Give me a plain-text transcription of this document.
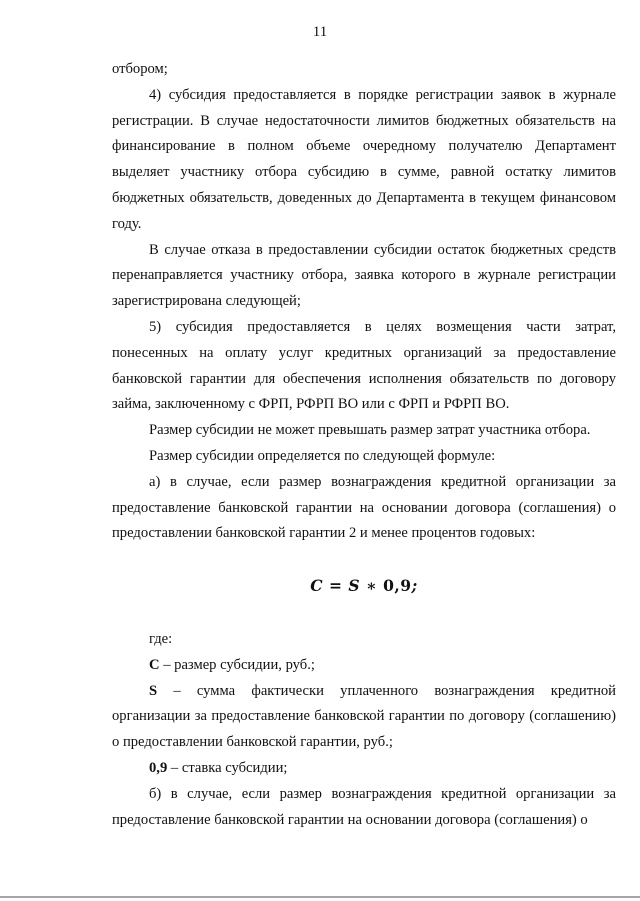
11

отбором;

4) субсидия предоставляется в порядке регистрации заявок в журнале регистрации. В случае недостаточности лимитов бюджетных обязательств на финансирование в полном объеме очередному получателю Департамент выделяет участнику отбора субсидию в сумме, равной остатку лимитов бюджетных обязательств, доведенных до Департамента в текущем финансовом году.

В случае отказа в предоставлении субсидии остаток бюджетных средств перенаправляется участнику отбора, заявка которого в журнале регистрации зарегистрирована следующей;

5) субсидия предоставляется в целях возмещения части затрат, понесенных на оплату услуг кредитных организаций за предоставление банковской гарантии для обеспечения исполнения обязательств по договору займа, заключенному с ФРП, РФРП ВО или с ФРП и РФРП ВО.

Размер субсидии не может превышать размер затрат участника отбора.

Размер субсидии определяется по следующей формуле:

а) в случае, если размер вознаграждения кредитной организации за предоставление банковской гарантии на основании договора (соглашения) о предоставлении банковской гарантии 2 и менее процентов годовых:

C = S ∗ 0,9;

где:

С – размер субсидии, руб.;

S – сумма фактически уплаченного вознаграждения кредитной организации за предоставление банковской гарантии по договору (соглашению) о предоставлении банковской гарантии, руб.;

0,9 – ставка субсидии;

б) в случае, если размер вознаграждения кредитной организации за предоставление банковской гарантии на основании договора (соглашения) о
